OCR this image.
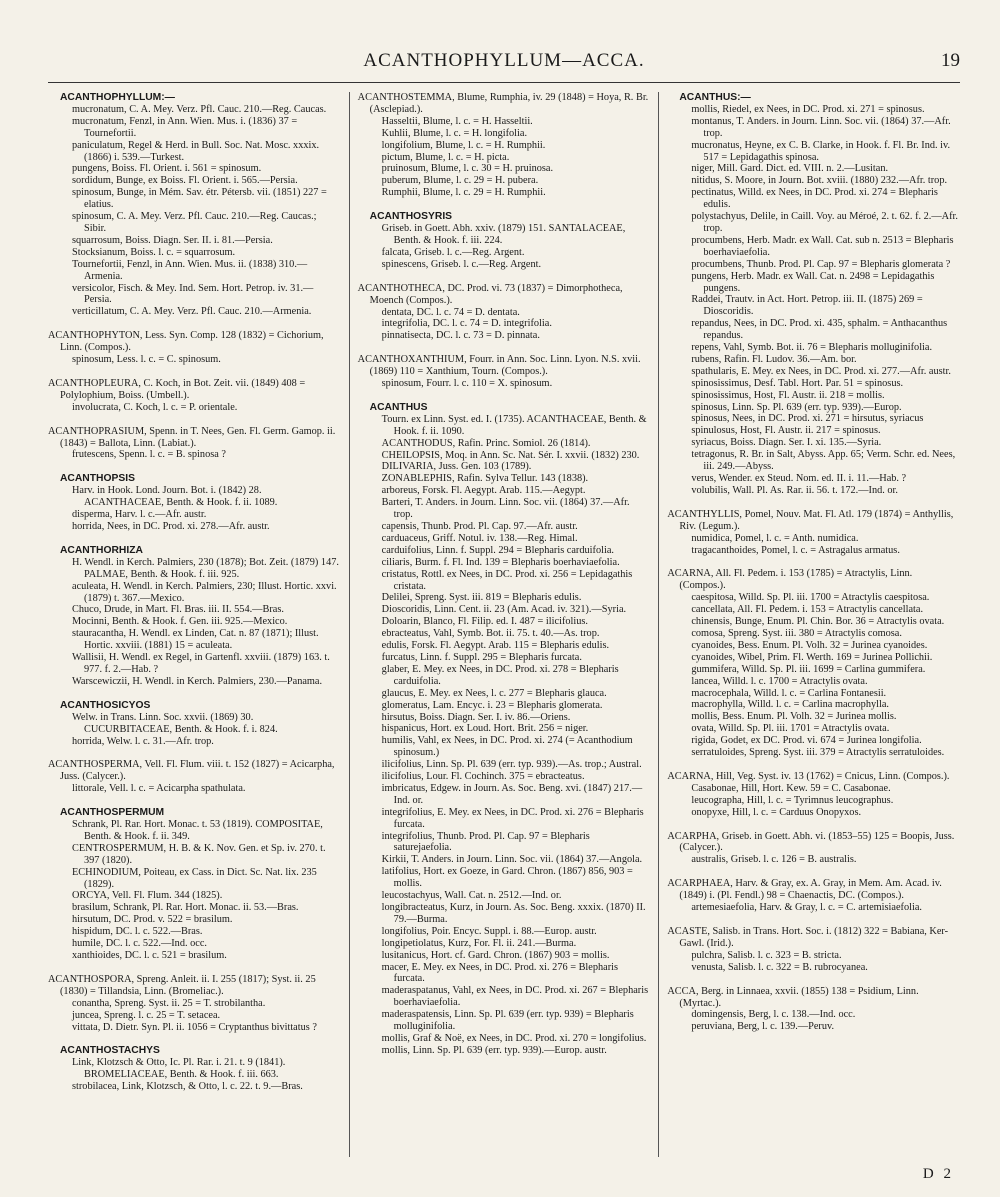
ACANTHOPHYLLUM—ACCA.	19
ACANTHOPHYLLUM:—
mucronatum, C. A. Mey. Verz. Pfl. Cauc. 210.—Reg. Caucas.
mucronatum, Fenzl, in Ann. Wien. Mus. i. (1836) 37 = Tournefortii.
paniculatum, Regel & Herd. in Bull. Soc. Nat. Mosc. xxxix. (1866) i. 539.—Turkest.
pungens, Boiss. Fl. Orient. i. 561 = spinosum.
sordidum, Bunge, ex Boiss. Fl. Orient. i. 565.—Persia.
spinosum, Bunge, in Mém. Sav. étr. Pétersb. vii. (1851) 227 = elatius.
spinosum, C. A. Mey. Verz. Pfl. Cauc. 210.—Reg. Caucas.; Sibir.
squarrosum, Boiss. Diagn. Ser. II. i. 81.—Persia.
Stocksianum, Boiss. l. c. = squarrosum.
Tournefortii, Fenzl, in Ann. Wien. Mus. ii. (1838) 310.—Armenia.
versicolor, Fisch. & Mey. Ind. Sem. Hort. Petrop. iv. 31.—Persia.
verticillatum, C. A. Mey. Verz. Pfl. Cauc. 210.—Armenia.
ACANTHOPHYTON, Less. Syn. Comp. 128 (1832) = Cichorium, Linn. (Compos.).
spinosum, Less. l. c. = C. spinosum.
ACANTHOPLEURA, C. Koch, in Bot. Zeit. vii. (1849) 408 = Polylophium, Boiss. (Umbell.).
involucrata, C. Koch, l. c. = P. orientale.
ACANTHOPRASIUM, Spenn. in T. Nees, Gen. Fl. Germ. Gamop. ii. (1843) = Ballota, Linn. (Labiat.).
frutescens, Spenn. l. c. = B. spinosa ?
ACANTHOPSIS
Harv. in Hook. Lond. Journ. Bot. i. (1842) 28. ACANTHACEAE, Benth. & Hook. f. ii. 1089.
disperma, Harv. l. c.—Afr. austr.
horrida, Nees, in DC. Prod. xi. 278.—Afr. austr.
ACANTHORHIZA
H. Wendl. in Kerch. Palmiers, 230 (1878); Bot. Zeit. (1879) 147. PALMAE, Benth. & Hook. f. iii. 925.
aculeata, H. Wendl. in Kerch. Palmiers, 230; Illust. Hortic. xxvi. (1879) t. 367.—Mexico.
Chuco, Drude, in Mart. Fl. Bras. iii. II. 554.—Bras.
Mocinni, Benth. & Hook. f. Gen. iii. 925.—Mexico.
stauracantha, H. Wendl. ex Linden, Cat. n. 87 (1871); Illust. Hortic. xxviii. (1881) 15 = aculeata.
Wallisii, H. Wendl. ex Regel, in Gartenfl. xxviii. (1879) 163. t. 977. f. 2.—Hab. ?
Warscewiczii, H. Wendl. in Kerch. Palmiers, 230.—Panama.
ACANTHOSICYOS
Welw. in Trans. Linn. Soc. xxvii. (1869) 30. CUCURBITACEAE, Benth. & Hook. f. i. 824.
horrida, Welw. l. c. 31.—Afr. trop.
ACANTHOSPERMA, Vell. Fl. Flum. viii. t. 152 (1827) = Acicarpha, Juss. (Calycer.).
littorale, Vell. l. c. = Acicarpha spathulata.
ACANTHOSPERMUM
Schrank, Pl. Rar. Hort. Monac. t. 53 (1819). COMPOSITAE, Benth. & Hook. f. ii. 349.
CENTROSPERMUM, H. B. & K. Nov. Gen. et Sp. iv. 270. t. 397 (1820).
ECHINODIUM, Poiteau, ex Cass. in Dict. Sc. Nat. lix. 235 (1829).
ORCYA, Vell. Fl. Flum. 344 (1825).
brasilum, Schrank, Pl. Rar. Hort. Monac. ii. 53.—Bras.
hirsutum, DC. Prod. v. 522 = brasilum.
hispidum, DC. l. c. 522.—Bras.
humile, DC. l. c. 522.—Ind. occ.
xanthioides, DC. l. c. 521 = brasilum.
ACANTHOSPORA, Spreng. Anleit. ii. I. 255 (1817); Syst. ii. 25 (1830) = Tillandsia, Linn. (Bromeliac.).
conantha, Spreng. Syst. ii. 25 = T. strobilantha.
juncea, Spreng. l. c. 25 = T. setacea.
vittata, D. Dietr. Syn. Pl. ii. 1056 = Cryptanthus bivittatus ?
ACANTHOSTACHYS
Link, Klotzsch & Otto, Ic. Pl. Rar. i. 21. t. 9 (1841). BROMELIACEAE, Benth. & Hook. f. iii. 663.
strobilacea, Link, Klotzsch, & Otto, l. c. 22. t. 9.—Bras.
ACANTHOSTEMMA, Blume, Rumphia, iv. 29 (1848) = Hoya, R. Br. (Asclepiad.).
Hasseltii, Blume, l. c. = H. Hasseltii.
Kuhlii, Blume, l. c. = H. longifolia.
longifolium, Blume, l. c. = H. Rumphii.
pictum, Blume, l. c. = H. picta.
pruinosum, Blume, l. c. 30 = H. pruinosa.
puberum, Blume, l. c. 29 = H. pubera.
Rumphii, Blume, l. c. 29 = H. Rumphii.
ACANTHOSYRIS
Griseb. in Goett. Abh. xxiv. (1879) 151. SANTALACEAE, Benth. & Hook. f. iii. 224.
falcata, Griseb. l. c.—Reg. Argent.
spinescens, Griseb. l. c.—Reg. Argent.
ACANTHOTHECA, DC. Prod. vi. 73 (1837) = Dimorphotheca, Moench (Compos.).
dentata, DC. l. c. 74 = D. dentata.
integrifolia, DC. l. c. 74 = D. integrifolia.
pinnatisecta, DC. l. c. 73 = D. pinnata.
ACANTHOXANTHIUM, Fourr. in Ann. Soc. Linn. Lyon. N.S. xvii. (1869) 110 = Xanthium, Tourn. (Compos.).
spinosum, Fourr. l. c. 110 = X. spinosum.
ACANTHUS
Tourn. ex Linn. Syst. ed. I. (1735). ACANTHACEAE, Benth. & Hook. f. ii. 1090.
ACANTHODUS, Rafin. Princ. Somiol. 26 (1814).
CHEILOPSIS, Moq. in Ann. Sc. Nat. Sér. I. xxvii. (1832) 230.
DILIVARIA, Juss. Gen. 103 (1789).
ZONABLEPHIS, Rafin. Sylva Tellur. 143 (1838).
arboreus, Forsk. Fl. Aegypt. Arab. 115.—Aegypt.
Barteri, T. Anders. in Journ. Linn. Soc. vii. (1864) 37.—Afr. trop.
capensis, Thunb. Prod. Pl. Cap. 97.—Afr. austr.
carduaceus, Griff. Notul. iv. 138.—Reg. Himal.
carduifolius, Linn. f. Suppl. 294 = Blepharis carduifolia.
ciliaris, Burm. f. Fl. Ind. 139 = Blepharis boerhaviaefolia.
cristatus, Rottl. ex Nees, in DC. Prod. xi. 256 = Lepidagathis cristata.
Delilei, Spreng. Syst. iii. 819 = Blepharis edulis.
Dioscoridis, Linn. Cent. ii. 23 (Am. Acad. iv. 321).—Syria.
Doloarin, Blanco, Fl. Filip. ed. I. 487 = ilicifolius.
ebracteatus, Vahl, Symb. Bot. ii. 75. t. 40.—As. trop.
edulis, Forsk. Fl. Aegypt. Arab. 115 = Blepharis edulis.
furcatus, Linn. f. Suppl. 295 = Blepharis furcata.
glaber, E. Mey. ex Nees, in DC. Prod. xi. 278 = Blepharis carduifolia.
glaucus, E. Mey. ex Nees, l. c. 277 = Blepharis glauca.
glomeratus, Lam. Encyc. i. 23 = Blepharis glomerata.
hirsutus, Boiss. Diagn. Ser. I. iv. 86.—Oriens.
hispanicus, Hort. ex Loud. Hort. Brit. 256 = niger.
humilis, Vahl, ex Nees, in DC. Prod. xi. 274 (= Acanthodium spinosum.)
ilicifolius, Linn. Sp. Pl. 639 (err. typ. 939).—As. trop.; Austral.
ilicifolius, Lour. Fl. Cochinch. 375 = ebracteatus.
imbricatus, Edgew. in Journ. As. Soc. Beng. xvi. (1847) 217.—Ind. or.
integrifolius, E. Mey. ex Nees, in DC. Prod. xi. 276 = Blepharis furcata.
integrifolius, Thunb. Prod. Pl. Cap. 97 = Blepharis saturejaefolia.
Kirkii, T. Anders. in Journ. Linn. Soc. vii. (1864) 37.—Angola.
latifolius, Hort. ex Goeze, in Gard. Chron. (1867) 856, 903 = mollis.
leucostachyus, Wall. Cat. n. 2512.—Ind. or.
longibracteatus, Kurz, in Journ. As. Soc. Beng. xxxix. (1870) II. 79.—Burma.
longifolius, Poir. Encyc. Suppl. i. 88.—Europ. austr.
longipetiolatus, Kurz, For. Fl. ii. 241.—Burma.
lusitanicus, Hort. cf. Gard. Chron. (1867) 903 = mollis.
macer, E. Mey. ex Nees, in DC. Prod. xi. 276 = Blepharis furcata.
maderaspatanus, Vahl, ex Nees, in DC. Prod. xi. 267 = Blepharis boerhaviaefolia.
maderaspatensis, Linn. Sp. Pl. 639 (err. typ. 939) = Blepharis molluginifolia.
mollis, Graf & Noë, ex Nees, in DC. Prod. xi. 270 = longifolius.
mollis, Linn. Sp. Pl. 639 (err. typ. 939).—Europ. austr.
ACANTHUS:—
mollis, Riedel, ex Nees, in DC. Prod. xi. 271 = spinosus.
montanus, T. Anders. in Journ. Linn. Soc. vii. (1864) 37.—Afr. trop.
mucronatus, Heyne, ex C. B. Clarke, in Hook. f. Fl. Br. Ind. iv. 517 = Lepidagathis spinosa.
niger, Mill. Gard. Dict. ed. VIII. n. 2.—Lusitan.
nitidus, S. Moore, in Journ. Bot. xviii. (1880) 232.—Afr. trop.
pectinatus, Willd. ex Nees, in DC. Prod. xi. 274 = Blepharis edulis.
polystachyus, Delile, in Caill. Voy. au Méroé, 2. t. 62. f. 2.—Afr. trop.
procumbens, Herb. Madr. ex Wall. Cat. sub n. 2513 = Blepharis boerhaviaefolia.
procumbens, Thunb. Prod. Pl. Cap. 97 = Blepharis glomerata ?
pungens, Herb. Madr. ex Wall. Cat. n. 2498 = Lepidagathis pungens.
Raddei, Trautv. in Act. Hort. Petrop. iii. II. (1875) 269 = Dioscoridis.
repandus, Nees, in DC. Prod. xi. 435, sphalm. = Anthacanthus repandus.
repens, Vahl, Symb. Bot. ii. 76 = Blepharis molluginifolia.
rubens, Rafin. Fl. Ludov. 36.—Am. bor.
spathularis, E. Mey. ex Nees, in DC. Prod. xi. 277.—Afr. austr.
spinosissimus, Desf. Tabl. Hort. Par. 51 = spinosus.
spinosissimus, Host, Fl. Austr. ii. 218 = mollis.
spinosus, Linn. Sp. Pl. 639 (err. typ. 939).—Europ.
spinosus, Nees, in DC. Prod. xi. 271 = hirsutus, syriacus
spinulosus, Host, Fl. Austr. ii. 217 = spinosus.
syriacus, Boiss. Diagn. Ser. I. xi. 135.—Syria.
tetragonus, R. Br. in Salt, Abyss. App. 65; Verm. Schr. ed. Nees, iii. 249.—Abyss.
verus, Wender. ex Steud. Nom. ed. II. i. 11.—Hab. ?
volubilis, Wall. Pl. As. Rar. ii. 56. t. 172.—Ind. or.
ACANTHYLLIS, Pomel, Nouv. Mat. Fl. Atl. 179 (1874) = Anthyllis, Riv. (Legum.).
numidica, Pomel, l. c. = Anth. numidica.
tragacanthoides, Pomel, l. c. = Astragalus armatus.
ACARNA, All. Fl. Pedem. i. 153 (1785) = Atractylis, Linn. (Compos.).
caespitosa, Willd. Sp. Pl. iii. 1700 = Atractylis caespitosa.
cancellata, All. Fl. Pedem. i. 153 = Atractylis cancellata.
chinensis, Bunge, Enum. Pl. Chin. Bor. 36 = Atractylis ovata.
comosa, Spreng. Syst. iii. 380 = Atractylis comosa.
cyanoides, Bess. Enum. Pl. Volh. 32 = Jurinea cyanoides.
cyanoides, Wibel, Prim. Fl. Werth. 169 = Jurinea Pollichii.
gummifera, Willd. Sp. Pl. iii. 1699 = Carlina gummifera.
lancea, Willd. l. c. 1700 = Atractylis ovata.
macrocephala, Willd. l. c. = Carlina Fontanesii.
macrophylla, Willd. l. c. = Carlina macrophylla.
mollis, Bess. Enum. Pl. Volh. 32 = Jurinea mollis.
ovata, Willd. Sp. Pl. iii. 1701 = Atractylis ovata.
rigida, Godet, ex DC. Prod. vi. 674 = Jurinea longifolia.
serratuloides, Spreng. Syst. iii. 379 = Atractylis serratuloides.
ACARNA, Hill, Veg. Syst. iv. 13 (1762) = Cnicus, Linn. (Compos.).
Casabonae, Hill, Hort. Kew. 59 = C. Casabonae.
leucographa, Hill, l. c. = Tyrimnus leucographus.
onopyxe, Hill, l. c. = Carduus Onopyxos.
ACARPHA, Griseb. in Goett. Abh. vi. (1853–55) 125 = Boopis, Juss. (Calycer.).
australis, Griseb. l. c. 126 = B. australis.
ACARPHAEA, Harv. & Gray, ex. A. Gray, in Mem. Am. Acad. iv. (1849) i. (Pl. Fendl.) 98 = Chaenactis, DC. (Compos.).
artemesiaefolia, Harv. & Gray, l. c. = C. artemisiaefolia.
ACASTE, Salisb. in Trans. Hort. Soc. i. (1812) 322 = Babiana, Ker-Gawl. (Irid.).
pulchra, Salisb. l. c. 323 = B. stricta.
venusta, Salisb. l. c. 322 = B. rubrocyanea.
ACCA, Berg. in Linnaea, xxvii. (1855) 138 = Psidium, Linn. (Myrtac.).
domingensis, Berg, l. c. 138.—Ind. occ.
peruviana, Berg, l. c. 139.—Peruv.
D 2
